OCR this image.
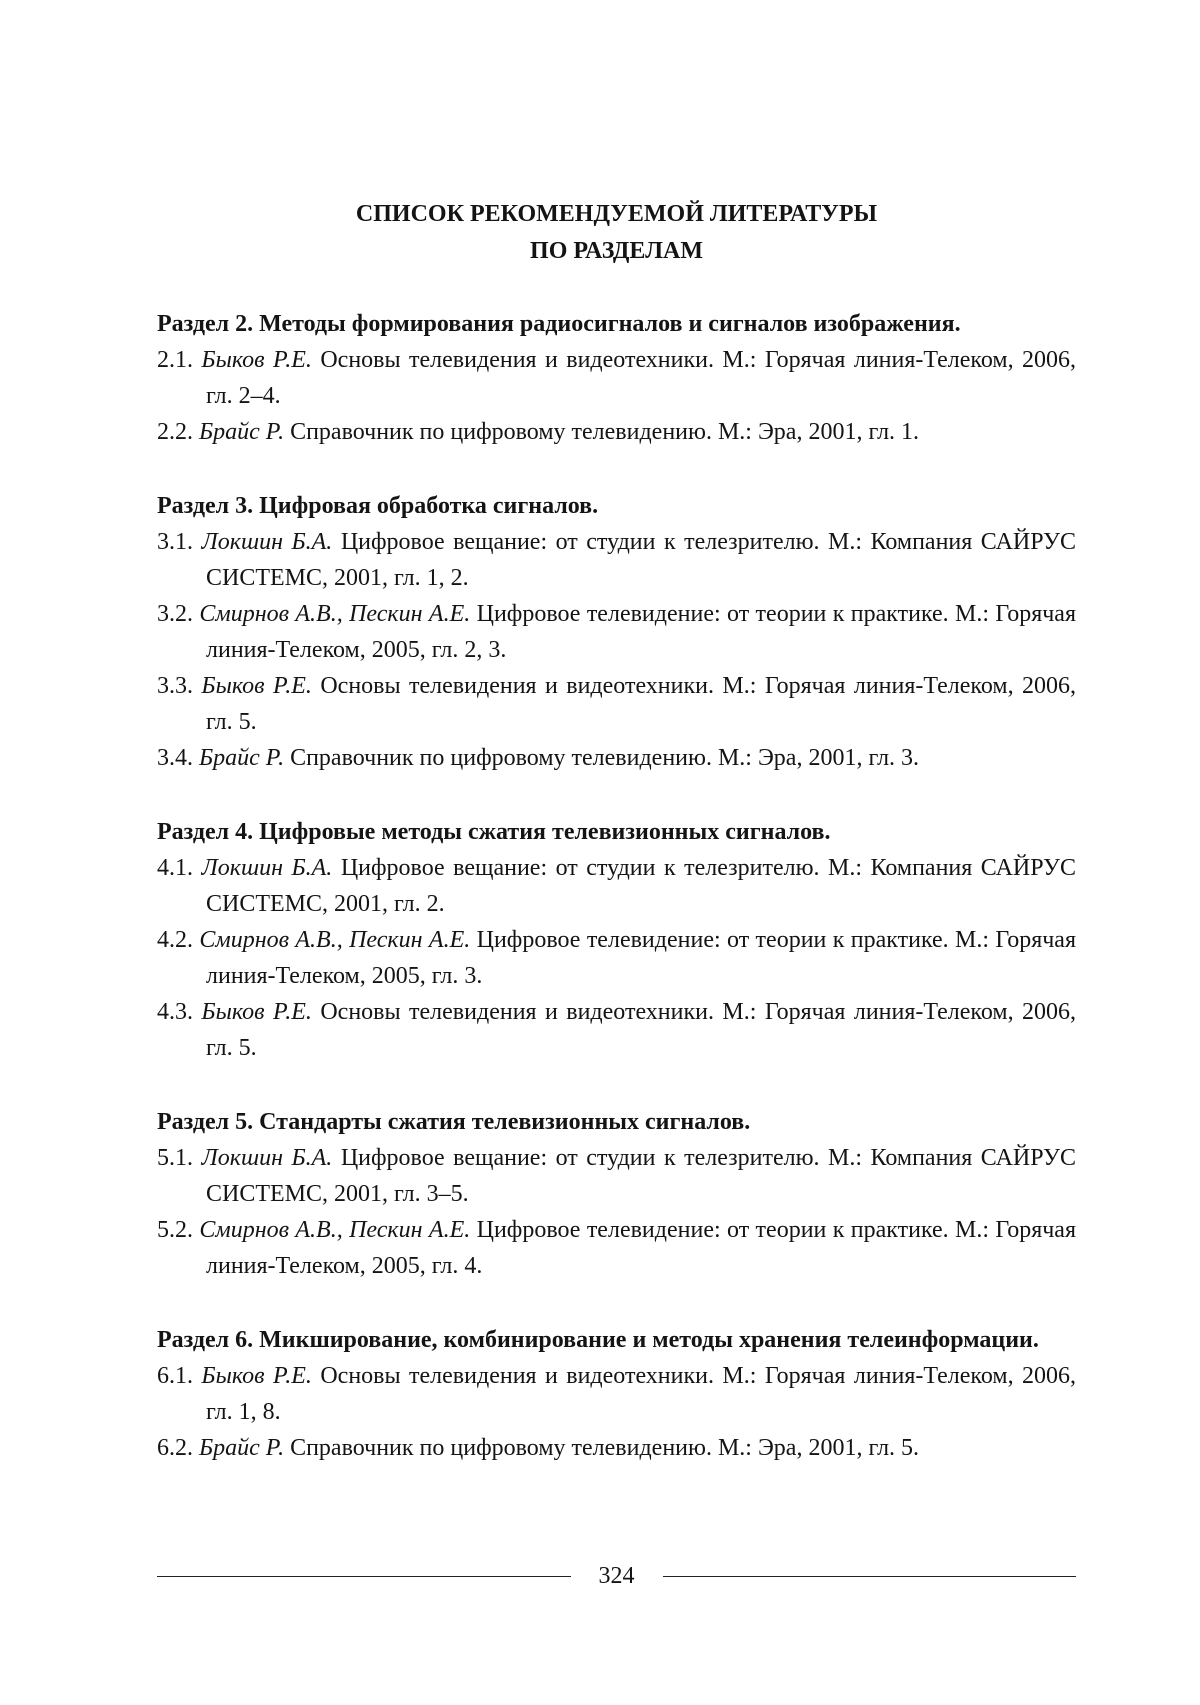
СПИСОК РЕКОМЕНДУЕМОЙ ЛИТЕРАТУРЫ
ПО РАЗДЕЛАМ

Раздел 2. Методы формирования радиосигналов и сигналов изображения.

2.1. Быков Р.Е. Основы телевидения и видеотехники. М.: Горячая линия-Телеком, 2006, гл. 2–4.

2.2. Брайс Р. Справочник по цифровому телевидению. М.: Эра, 2001, гл. 1.

Раздел 3. Цифровая обработка сигналов.

3.1. Локшин Б.А. Цифровое вещание: от студии к телезрителю. М.: Компания САЙРУС СИСТЕМС, 2001, гл. 1, 2.

3.2. Смирнов А.В., Пескин А.Е. Цифровое телевидение: от теории к практике. М.: Горячая линия-Телеком, 2005, гл. 2, 3.

3.3. Быков Р.Е. Основы телевидения и видеотехники. М.: Горячая линия-Телеком, 2006, гл. 5.

3.4. Брайс Р. Справочник по цифровому телевидению. М.: Эра, 2001, гл. 3.

Раздел 4. Цифровые методы сжатия телевизионных сигналов.

4.1. Локшин Б.А. Цифровое вещание: от студии к телезрителю. М.: Компания САЙРУС СИСТЕМС, 2001, гл. 2.

4.2. Смирнов А.В., Пескин А.Е. Цифровое телевидение: от теории к практике. М.: Горячая линия-Телеком, 2005, гл. 3.

4.3. Быков Р.Е. Основы телевидения и видеотехники. М.: Горячая линия-Телеком, 2006, гл. 5.

Раздел 5. Стандарты сжатия телевизионных сигналов.

5.1. Локшин Б.А. Цифровое вещание: от студии к телезрителю. М.: Компания САЙРУС СИСТЕМС, 2001, гл. 3–5.

5.2. Смирнов А.В., Пескин А.Е. Цифровое телевидение: от теории к практике. М.: Горячая линия-Телеком, 2005, гл. 4.

Раздел 6. Микширование, комбинирование и методы хранения телеинформации.

6.1. Быков Р.Е. Основы телевидения и видеотехники. М.: Горячая линия-Телеком, 2006, гл. 1, 8.

6.2. Брайс Р. Справочник по цифровому телевидению. М.: Эра, 2001, гл. 5.

324
